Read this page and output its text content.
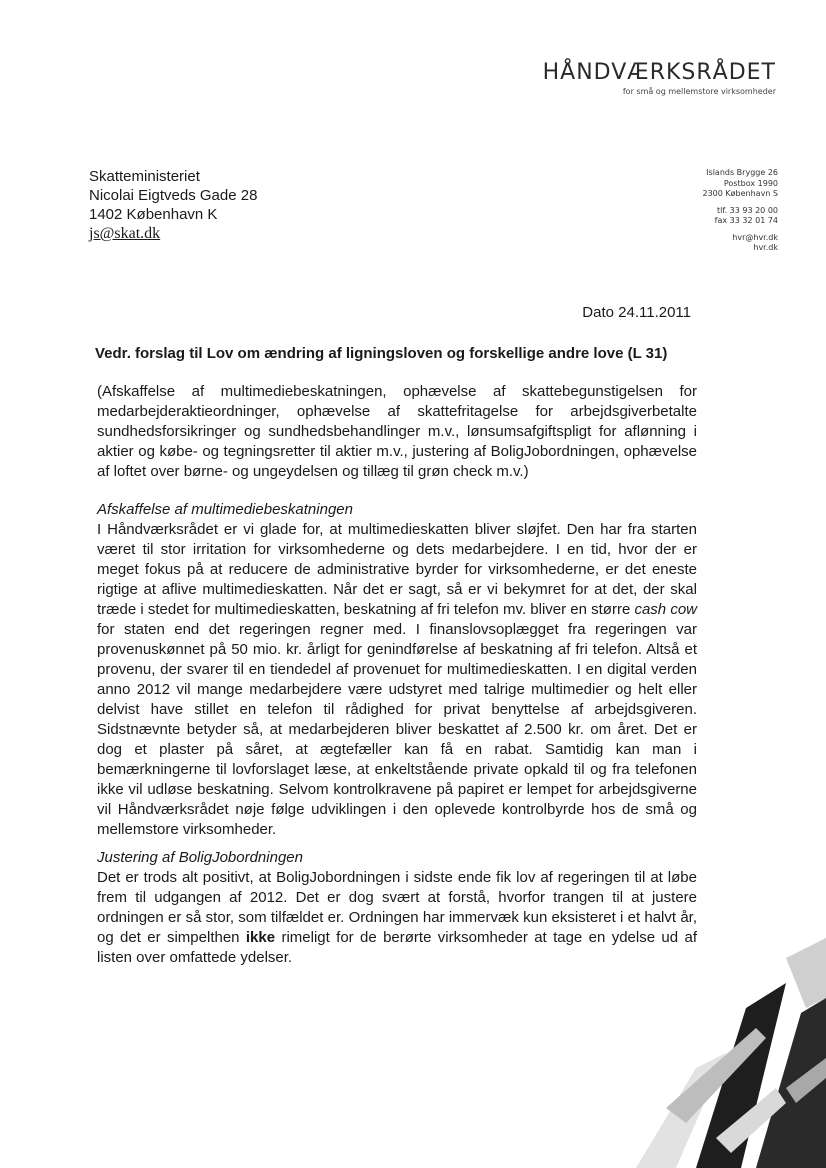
HÅNDVÆRKSRÅDET
for små og mellemstore virksomheder
Skatteministeriet
Nicolai Eigtveds Gade 28
1402 København K
js@skat.dk
Islands Brygge 26
Postbox 1990
2300 København S
tlf. 33 93 20 00
fax 33 32 01 74
hvr@hvr.dk
hvr.dk
Dato 24.11.2011
Vedr. forslag til Lov om ændring af ligningsloven og forskellige andre love (L 31)

(Afskaffelse af multimediebeskatningen, ophævelse af skattebegunstigelsen for medarbejderaktieordninger, ophævelse af skattefritagelse for arbejdsgiverbetalte sundhedsforsikringer og sundhedsbehandlinger m.v., lønsumsafgiftspligt for aflønning i aktier og købe- og tegningsretter til aktier m.v., justering af BoligJobordningen, ophævelse af loftet over børne- og ungeydelsen og tillæg til grøn check m.v.)

Afskaffelse af multimediebeskatningen

I Håndværksrådet er vi glade for, at multimedieskatten bliver sløjfet. Den har fra starten været til stor irritation for virksomhederne og dets medarbejdere. I en tid, hvor der er meget fokus på at reducere de administrative byrder for virksomhederne, er det eneste rigtige at aflive multimedieskatten. Når det er sagt, så er vi bekymret for at det, der skal træde i stedet for multimedieskatten, beskatning af fri telefon mv. bliver en større cash cow for staten end det regeringen regner med. I finanslovsoplægget fra regeringen var provenuskønnet på 50 mio. kr. årligt for genindførelse af beskatning af fri telefon. Altså et provenu, der svarer til en tiendedel af provenuet for multimedieskatten. I en digital verden anno 2012 vil mange medarbejdere være udstyret med talrige multimedier og helt eller delvist have stillet en telefon til rådighed for privat benyttelse af arbejdsgiveren. Sidstnævnte betyder så, at medarbejderen bliver beskattet af 2.500 kr. om året. Det er dog et plaster på såret, at ægtefæller kan få en rabat. Samtidig kan man i bemærkningerne til lovforslaget læse, at enkeltstående private opkald til og fra telefonen ikke vil udløse beskatning. Selvom kontrolkravene på papiret er lempet for arbejdsgiverne vil Håndværksrådet nøje følge udviklingen i den oplevede kontrolbyrde hos de små og mellemstore virksomheder.

Justering af BoligJobordningen

Det er trods alt positivt, at BoligJobordningen i sidste ende fik lov af regeringen til at løbe frem til udgangen af 2012. Det er dog svært at forstå, hvorfor trangen til at justere ordningen er så stor, som tilfældet er. Ordningen har immervæk kun eksisteret i et halvt år, og det er simpelthen ikke rimeligt for de berørte virksomheder at tage en ydelse ud af listen over omfattede ydelser.
